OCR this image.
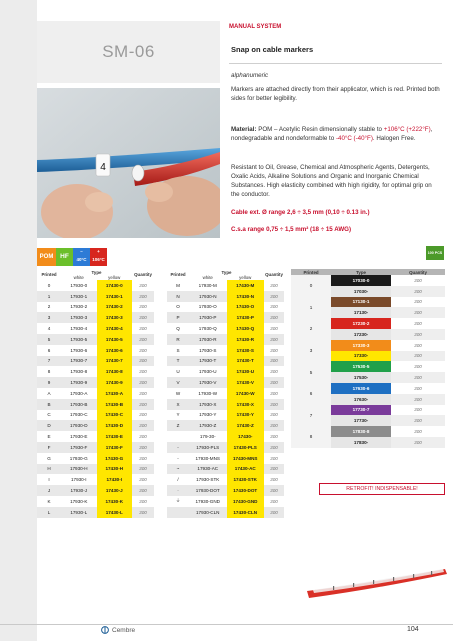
SM-06
4
MANUAL SYSTEM
Snap on cable markers
alphanumeric
Markers are attached directly from their applicator, which is red. Printed both sides for better legibility.
Material: POM – Acetylic Resin dimensionally stable to +106°C (+222°F), nondegradable and nondeformable to -40°C (-40°F). Halogen Free.
Resistant to Oil, Grease, Chemical and Atmospheric Agents, Detergents, Oxalic Acids, Alkaline Solutions and Organic and Inorganic Chemical Substances. High elasticity combined with high rigidity, for optimal grip on the conductor.
Cable ext. Ø range 2,6 ÷ 3,5 mm (0,10 ÷ 0.13 in.)
C.s.a range 0,75 ÷ 1,5 mm² (18 ÷ 15 AWG)
POM	HF
–
40°C
+
106°C
100 PCS
Printed	Type		Quantity
	white	yellow	
0	17930-0	17430-0	300
1	17930-1	17430-1	300
2	17930-2	17430-2	300
3	17930-3	17430-3	300
4	17930-4	17430-4	300
5	17930-5	17430-5	300
6	17930-6	17430-6	300
7	17930-7	17430-7	300
8	17930-8	17430-8	300
9	17930-9	17430-9	300
A	17930-A	17430-A	300
B	17930-B	17430-B	300
C	17930-C	17430-C	300
D	17930-D	17430-D	300
E	17930-E	17430-E	300
F	17930-F	17430-F	300
G	17930-G	17430-G	300
H	17930-H	17430-H	300
I	17930-I	17430-I	300
J	17930-J	17430-J	300
K	17930-K	17430-K	300
L	17930-L	17430-L	300
Printed	Type		Quantity
	white	yellow	
M	17930-M	17430-M	300
N	17930-N	17430-N	300
O	17930-O	17430-O	300
P	17930-P	17430-P	300
Q	17930-Q	17430-Q	300
R	17930-R	17430-R	300
S	17930-S	17430-S	300
T	17930-T	17430-T	300
U	17930-U	17430-U	300
V	17930-V	17430-V	300
W	17930-W	17430-W	300
X	17930-X	17430-X	300
Y	17930-Y	17430-Y	300
Z	17930-Z	17430-Z	300
	179-30-	17430-	300
-	17930-PLS	17430-PLS	300
-	17930-MNS	17430-MNS	300
~	17930-AC	17430-AC	300
/	17930-STK	17430-STK	300
·	17930-DOT	17430-DOT	300
⏚	17930-GND	17430-GND	300
	17930-CLN	17430-CLN	300
Printed	Type	Quantity
0	17030-0	300
	17030-	300
1	17130-1	300
	17130-	300
2	17230-2	300
	17230-	300
3	17330-3	300
	17330-	300
5	17530-5	300
	17530-	300
6	17630-6	300
	17630-	300
7	17730-7	300
	17730-	300
8	17830-8	300
	17830-	300
RETROFIT! INDISPENSABLE!
Cembre	104
